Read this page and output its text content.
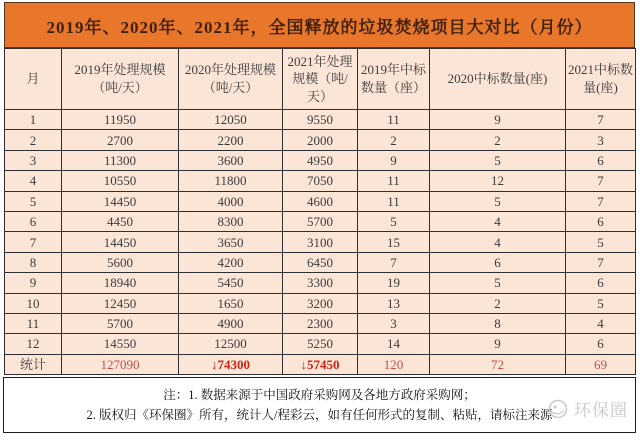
2019年、2020年、2021年，全国释放的垃圾焚烧项目大对比（月份）
月	2019年处理规模（吨/天）	2020年处理规模（吨/天）	2021年处理规模（吨/天）	2019年中标数量（座）	2020中标数量(座)	2021中标数量(座)
1	11950	12050	9550	11	9	7
2	2700	2200	2000	2	2	3
3	11300	3600	4950	9	5	6
4	10550	11800	7050	11	12	7
5	14450	4000	4600	11	5	7
6	4450	8300	5700	5	4	6
7	14450	3650	3100	15	4	5
8	5600	4200	6450	7	6	7
9	18940	5450	3300	19	5	6
10	12450	1650	3200	13	2	5
11	5700	4900	2300	3	8	4
12	14550	12500	5250	14	9	6
统计	127090	↓74300	↓57450	120	72	69
注：1. 数据来源于中国政府采购网及各地方政府采购网；
2. 版权归《环保圈》所有，统计人/程彩云，如有任何形式的复制、粘贴，请标注来源 环保圈
